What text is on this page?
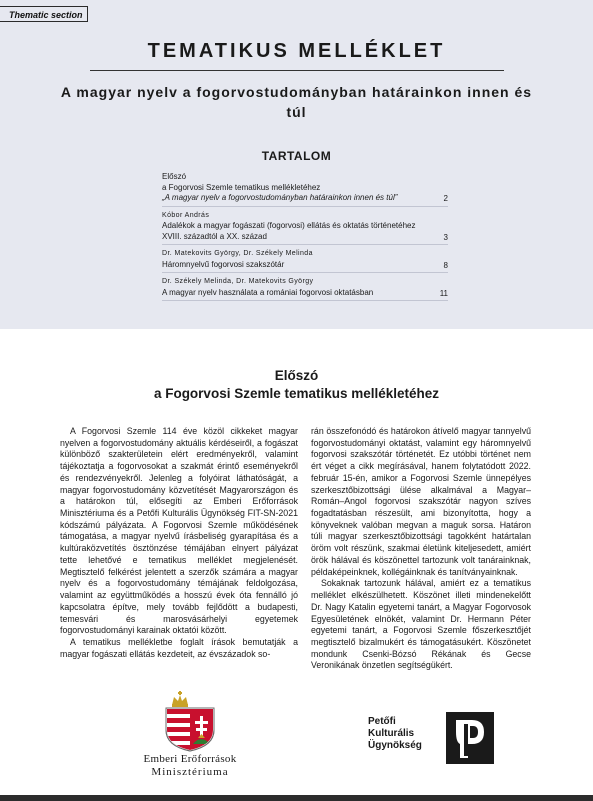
Thematic section
TEMATIKUS MELLÉKLET
A magyar nyelv a fogorvostudományban határainkon innen és túl
TARTALOM
Előszó
a Fogorvosi Szemle tematikus mellékletéhez
„A magyar nyelv a fogorvostudományban határainkon innen és túl”	2
Kóbor András
Adalékok a magyar fogászati (fogorvosi) ellátás és oktatás történetéhez
XVIII. századtól a XX. század	3
Dr. Matekovits György, Dr. Székely Melinda
Háromnyelvű fogorvosi szakszótár	8
Dr. Székely Melinda, Dr. Matekovits György
A magyar nyelv használata a romániai fogorvosi oktatásban	11
Előszó
a Fogorvosi Szemle tematikus mellékletéhez

A Fogorvosi Szemle 114 éve közöl cikkeket magyar nyelven a fogorvostudomány aktuális kérdéseiről, a fogászat különböző szakterületein elért eredményekről, valamint tájékoztatja a fogorvosokat a szakmát érintő eseményekről és rendezvényekről. Jelenleg a folyóirat láthatóságát, a magyar fogorvostudomány közvetítését Magyarországon és a határokon túl, elősegíti az Emberi Erőforrások Minisztériuma és a Petőfi Kulturális Ügynökség FIT-SN-2021 kódszámú pályázata. A Fogorvosi Szemle működésének támogatása, a magyar nyelvű írásbeliség gyarapítása és a kultúraközvetítés ösztönzése témájában elnyert pályázat tette lehetővé e tematikus melléklet megjelenését. Megtisztelő felkérést jelentett a szerzők számára a magyar nyelv és a fogorvostudomány témájának feldolgozása, valamint az együttműködés a hosszú évek óta fennálló jó kapcsolatra építve, mely tovább fejlődött a budapesti, temesvári és marosvásárhelyi egyetemek fogorvostudományi karainak oktatói között.

A tematikus mellékletbe foglalt írások bemutatják a magyar fogászati ellátás kezdeteit, az évszázadok so-

rán összefonódó és határokon átívelő magyar tannyelvű fogorvostudományi oktatást, valamint egy háromnyelvű fogorvosi szakszótár történetét. Ez utóbbi történet nem ért véget a cikk megírásával, hanem folytatódott 2022. február 15-én, amikor a Fogorvosi Szemle ünnepélyes szerkesztőbizottsági ülése alkalmával a Magyar–Román–Angol fogorvosi szakszótár nagyon szíves fogadtatásban részesült, ami bizonyította, hogy a könyveknek valóban megvan a maguk sorsa. Határon túli magyar szerkesztőbizottsági tagokként határtalan öröm volt részünk, szakmai életünk kiteljesedett, amiért örök hálával és köszönettel tartozunk volt tanárainknak, példaképeinknek, kollégáinknak és tanítványainknak.

Sokaknak tartozunk hálával, amiért ez a tematikus melléklet elkészülhetett. Köszönet illeti mindenekelőtt Dr. Nagy Katalin egyetemi tanárt, a Magyar Fogorvosok Egyesületének elnökét, valamint Dr. Hermann Péter egyetemi tanárt, a Fogorvosi Szemle főszerkesztőjét megtisztelő bizalmukért és támogatásukért. Köszönetet mondunk Csenki-Bózsó Rékának és Gecse Veronikának önzetlen segítségükért.

Emberi Erőforrások
Minisztériuma
Petőfi
Kulturális
Ügynökség
